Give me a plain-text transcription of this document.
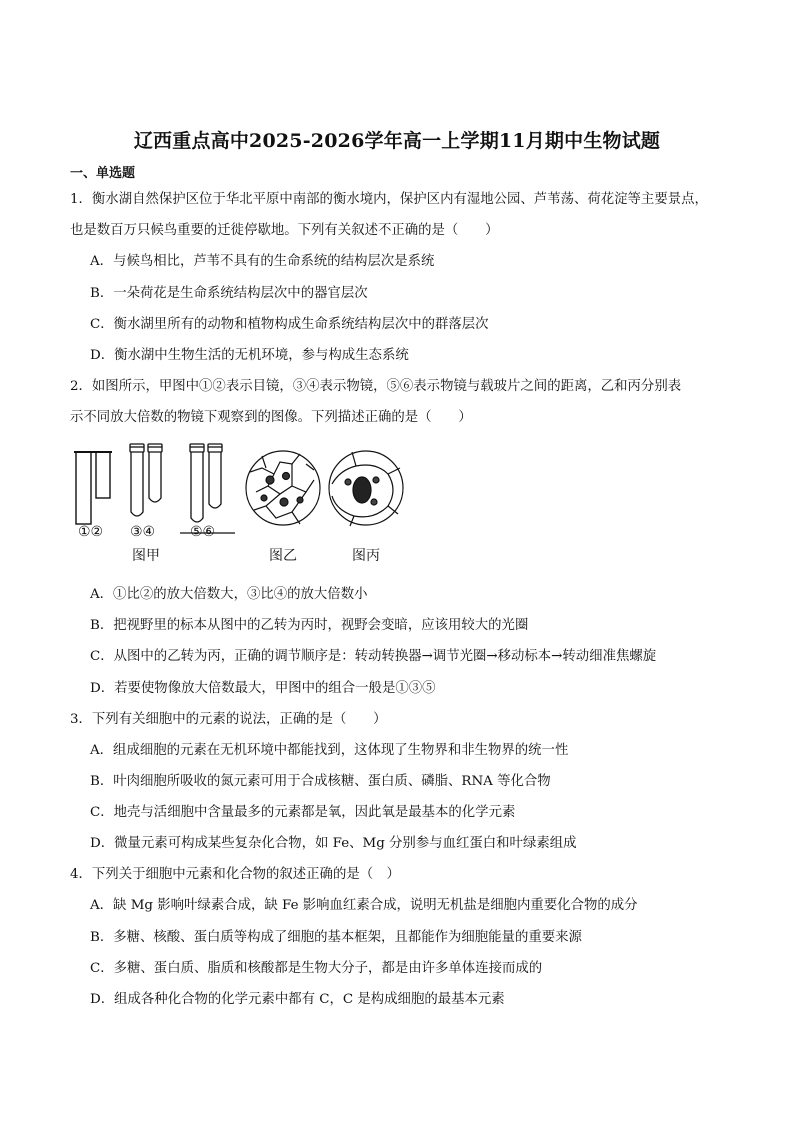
辽西重点高中2025-2026学年高一上学期11月期中生物试题
一、单选题
1．衡水湖自然保护区位于华北平原中南部的衡水境内，保护区内有湿地公园、芦苇荡、荷花淀等主要景点，
也是数百万只候鸟重要的迁徙停歇地。下列有关叙述不正确的是（　　）
A．与候鸟相比，芦苇不具有的生命系统的结构层次是系统
B．一朵荷花是生命系统结构层次中的器官层次
C．衡水湖里所有的动物和植物构成生命系统结构层次中的群落层次
D．衡水湖中生物生活的无机环境，参与构成生态系统
2．如图所示，甲图中①②表示目镜，③④表示物镜，⑤⑥表示物镜与载玻片之间的距离，乙和丙分别表
示不同放大倍数的物镜下观察到的图像。下列描述正确的是（　　）
①② ③④ ⑤⑥
图甲	图乙	图丙
A．①比②的放大倍数大，③比④的放大倍数小
B．把视野里的标本从图中的乙转为丙时，视野会变暗，应该用较大的光圈
C．从图中的乙转为丙，正确的调节顺序是：转动转换器→调节光圈→移动标本→转动细准焦螺旋
D．若要使物像放大倍数最大，甲图中的组合一般是①③⑤
3．下列有关细胞中的元素的说法，正确的是（　　）
A．组成细胞的元素在无机环境中都能找到，这体现了生物界和非生物界的统一性
B．叶肉细胞所吸收的氮元素可用于合成核糖、蛋白质、磷脂、RNA 等化合物
C．地壳与活细胞中含量最多的元素都是氧，因此氧是最基本的化学元素
D．微量元素可构成某些复杂化合物，如 Fe、Mg 分别参与血红蛋白和叶绿素组成
4．下列关于细胞中元素和化合物的叙述正确的是（　）
A．缺 Mg 影响叶绿素合成，缺 Fe 影响血红素合成，说明无机盐是细胞内重要化合物的成分
B．多糖、核酸、蛋白质等构成了细胞的基本框架，且都能作为细胞能量的重要来源
C．多糖、蛋白质、脂质和核酸都是生物大分子，都是由许多单体连接而成的
D．组成各种化合物的化学元素中都有 C，C 是构成细胞的最基本元素
